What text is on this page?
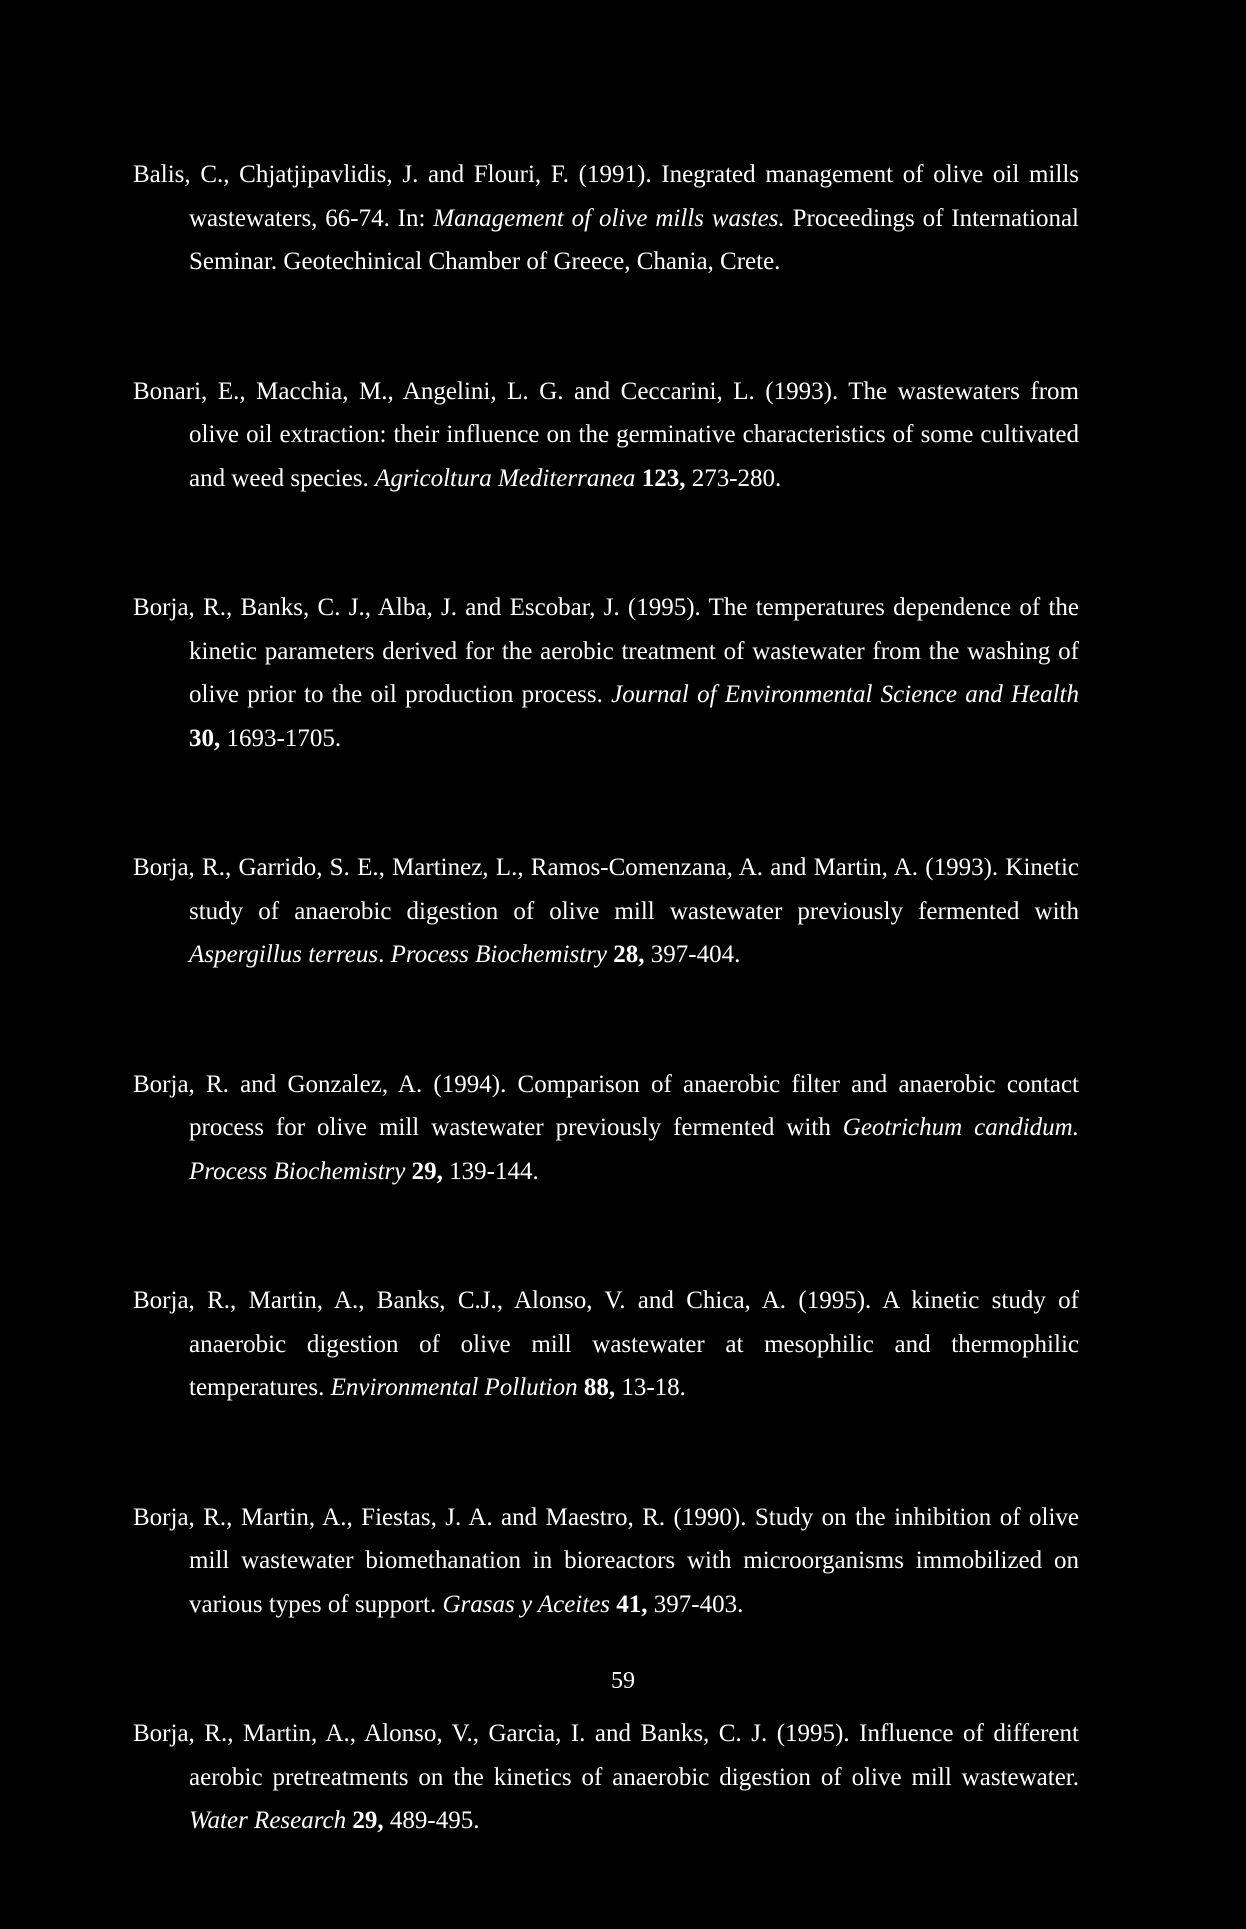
Balis, C., Chjatjipavlidis, J. and Flouri, F. (1991). Inegrated management of olive oil mills wastewaters, 66-74. In: Management of olive mills wastes. Proceedings of International Seminar. Geotechinical Chamber of Greece, Chania, Crete.

Bonari, E., Macchia, M., Angelini, L. G. and Ceccarini, L. (1993). The wastewaters from olive oil extraction: their influence on the germinative characteristics of some cultivated and weed species. Agricoltura Mediterranea 123, 273-280.

Borja, R., Banks, C. J., Alba, J. and Escobar, J. (1995). The temperatures dependence of the kinetic parameters derived for the aerobic treatment of wastewater from the washing of olive prior to the oil production process. Journal of Environmental Science and Health 30, 1693-1705.

Borja, R., Garrido, S. E., Martinez, L., Ramos-Comenzana, A. and Martin, A. (1993). Kinetic study of anaerobic digestion of olive mill wastewater previously fermented with Aspergillus terreus. Process Biochemistry 28, 397-404.

Borja, R. and Gonzalez, A. (1994). Comparison of anaerobic filter and anaerobic contact process for olive mill wastewater previously fermented with Geotrichum candidum. Process Biochemistry 29, 139-144.

Borja, R., Martin, A., Banks, C.J., Alonso, V. and Chica, A. (1995). A kinetic study of anaerobic digestion of olive mill wastewater at mesophilic and thermophilic temperatures. Environmental Pollution 88, 13-18.

Borja, R., Martin, A., Fiestas, J. A. and Maestro, R. (1990). Study on the inhibition of olive mill wastewater biomethanation in bioreactors with microorganisms immobilized on various types of support. Grasas y Aceites 41, 397-403.

Borja, R., Martin, A., Alonso, V., Garcia, I. and Banks, C. J. (1995). Influence of different aerobic pretreatments on the kinetics of anaerobic digestion of olive mill wastewater. Water Research 29, 489-495.

59
